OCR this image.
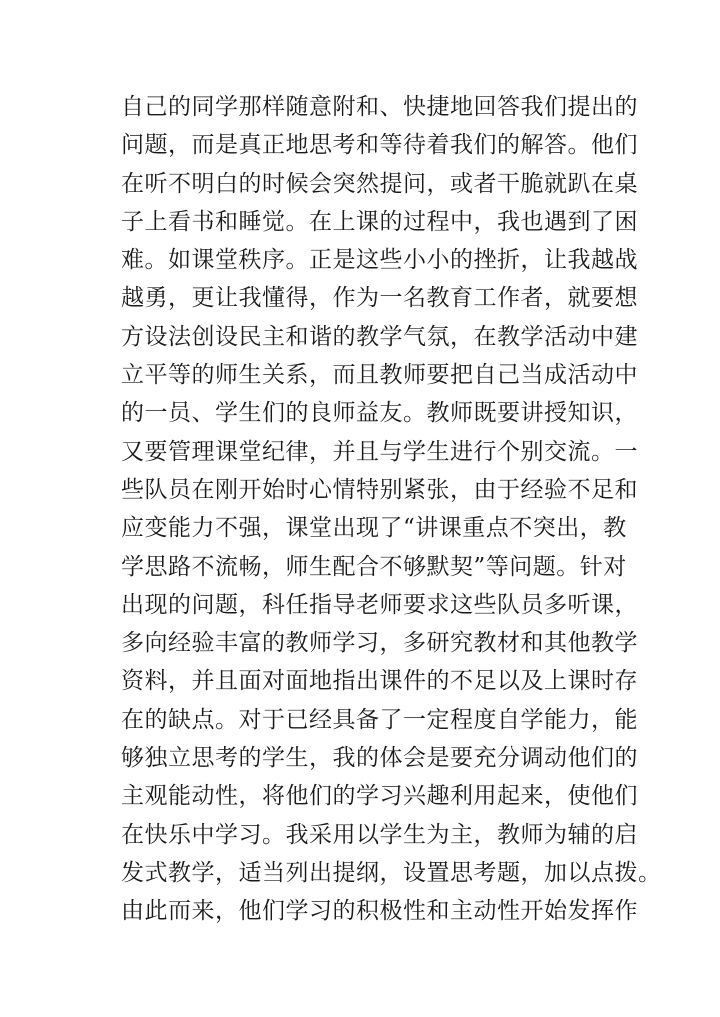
自己的同学那样随意附和、快捷地回答我们提出的
问题，而是真正地思考和等待着我们的解答。他们
在听不明白的时候会突然提问，或者干脆就趴在桌
子上看书和睡觉。在上课的过程中，我也遇到了困
难。如课堂秩序。正是这些小小的挫折，让我越战
越勇，更让我懂得，作为一名教育工作者，就要想
方设法创设民主和谐的教学气氛，在教学活动中建
立平等的师生关系，而且教师要把自己当成活动中
的一员、学生们的良师益友。教师既要讲授知识，
又要管理课堂纪律，并且与学生进行个别交流。一
些队员在刚开始时心情特别紧张，由于经验不足和
应变能力不强，课堂出现了“讲课重点不突出，教
学思路不流畅，师生配合不够默契”等问题。针对
出现的问题，科任指导老师要求这些队员多听课，
多向经验丰富的教师学习，多研究教材和其他教学
资料，并且面对面地指出课件的不足以及上课时存
在的缺点。对于已经具备了一定程度自学能力，能
够独立思考的学生，我的体会是要充分调动他们的
主观能动性，将他们的学习兴趣利用起来，使他们
在快乐中学习。我采用以学生为主，教师为辅的启
发式教学，适当列出提纲，设置思考题，加以点拨。
由此而来，他们学习的积极性和主动性开始发挥作
